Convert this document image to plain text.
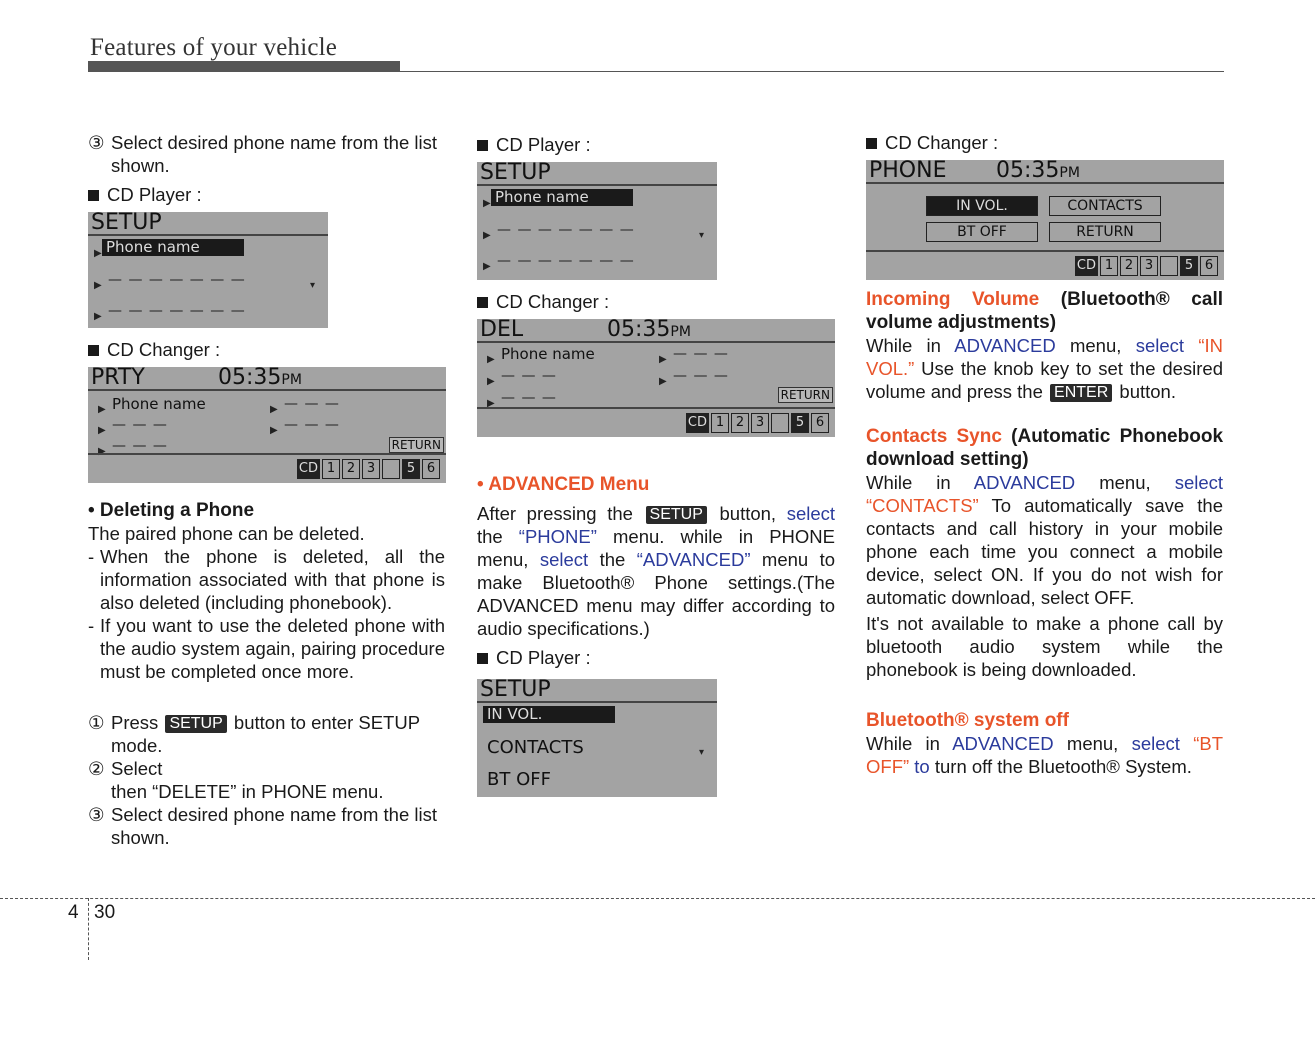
Features of your vehicle
③ Select desired phone name from the list shown.
CD Player :
SETUP
▶ Phone name
▶ — — — — — — —	▾
▶ — — — — — — —
CD Changer :
PRTY	05:35PM
▶ Phone name	▶ — — —
▶ — — —	▶ — — —
▶ — — —	RETURN
CD 1 2 3	5 6
• Deleting a Phone
The paired phone can be deleted.
- When the phone is deleted, all the information associated with that phone is also deleted (including phonebook).
- If you want to use the deleted phone with the audio system again, pairing procedure must be completed once more.
① Press SETUP button to enter SETUP mode.
② Select
then “DELETE” in PHONE menu.
③ Select desired phone name from the list shown.
CD Player :
SETUP
▶ Phone name
▶ — — — — — — —	▾
▶ — — — — — — —
CD Changer :
DEL	05:35PM
▶ Phone name	▶ — — —
▶ — — —	▶ — — —
▶ — — —	RETURN
CD 1 2 3	5 6
• ADVANCED Menu
After pressing the SETUP button, select the “PHONE” menu. while in PHONE menu, select the “ADVANCED” menu to make Bluetooth® Phone settings.(The ADVANCED menu may differ according to audio specifications.)
CD Player :
SETUP
IN VOL.
CONTACTS	▾
BT OFF
CD Changer :
PHONE 05:35PM
IN VOL.	CONTACTS
BT OFF	RETURN
CD 1 2 3	5 6
Incoming Volume (Bluetooth® call volume adjustments)
While in ADVANCED menu, select “IN VOL.” Use the knob key to set the desired volume and press the ENTER button.
Contacts Sync (Automatic Phonebook download setting)
While in ADVANCED menu, select “CONTACTS” To automatically save the contacts and call history in your mobile phone each time you connect a mobile device, select ON. If you do not wish for automatic download, select OFF.
It's not available to make a phone call by bluetooth audio system while the phonebook is being downloaded.
Bluetooth® system off
While in ADVANCED menu, select “BT OFF” to turn off the Bluetooth® System.
4 30
